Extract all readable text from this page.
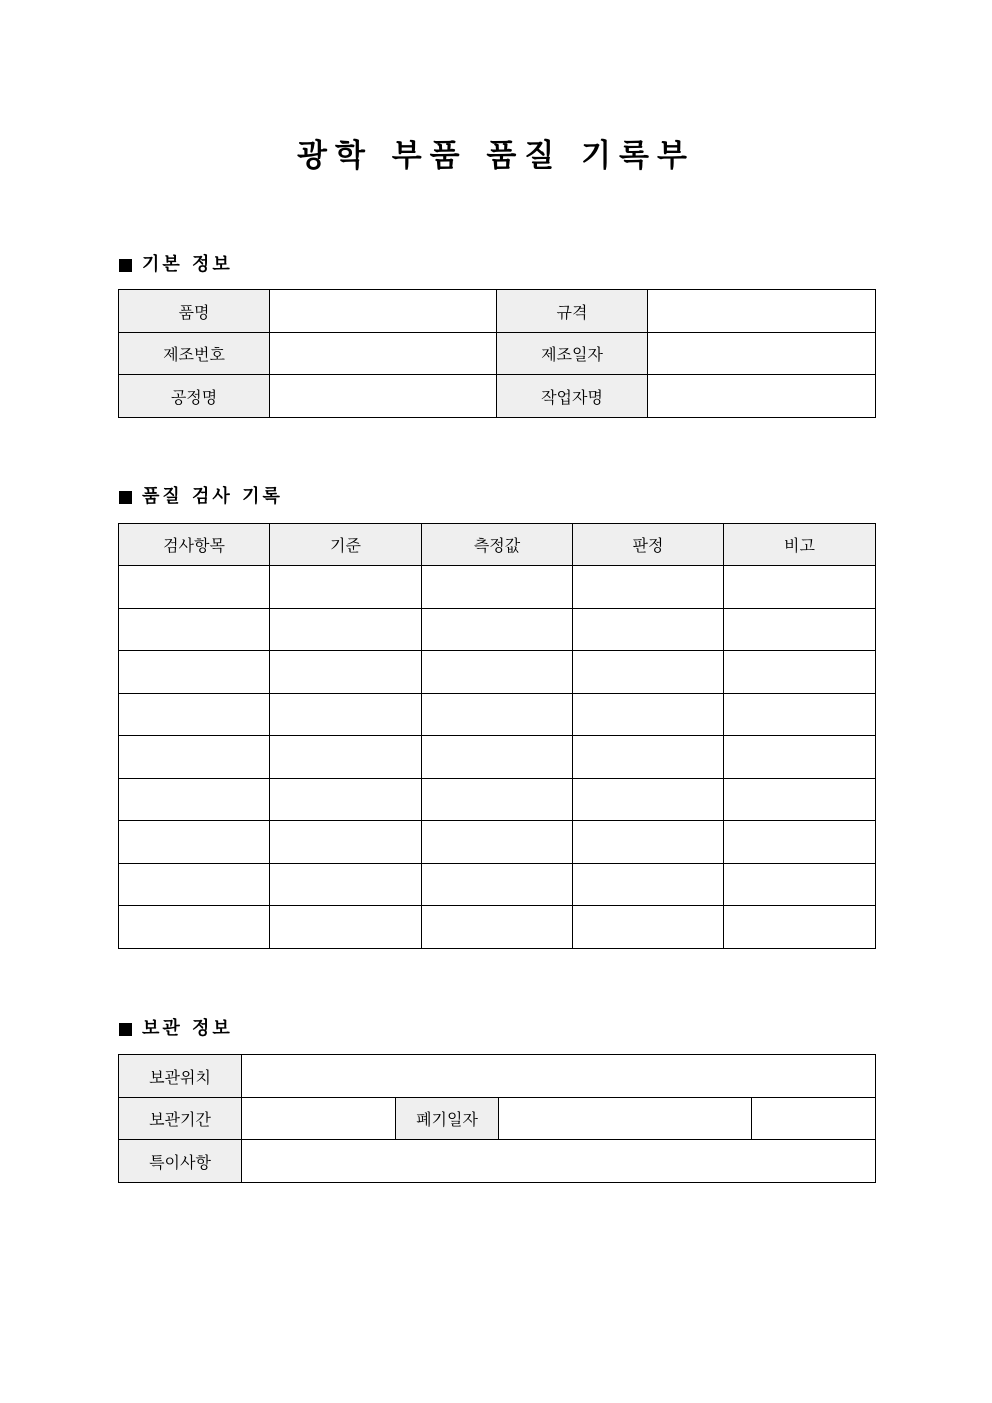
광학 부품 품질 기록부
기본 정보
품명		규격	
제조번호		제조일자	
공정명		작업자명	
품질 검사 기록
검사항목	기준	측정값	판정	비고

보관 정보
보관위치				
보관기간		폐기일자		
특이사항				
